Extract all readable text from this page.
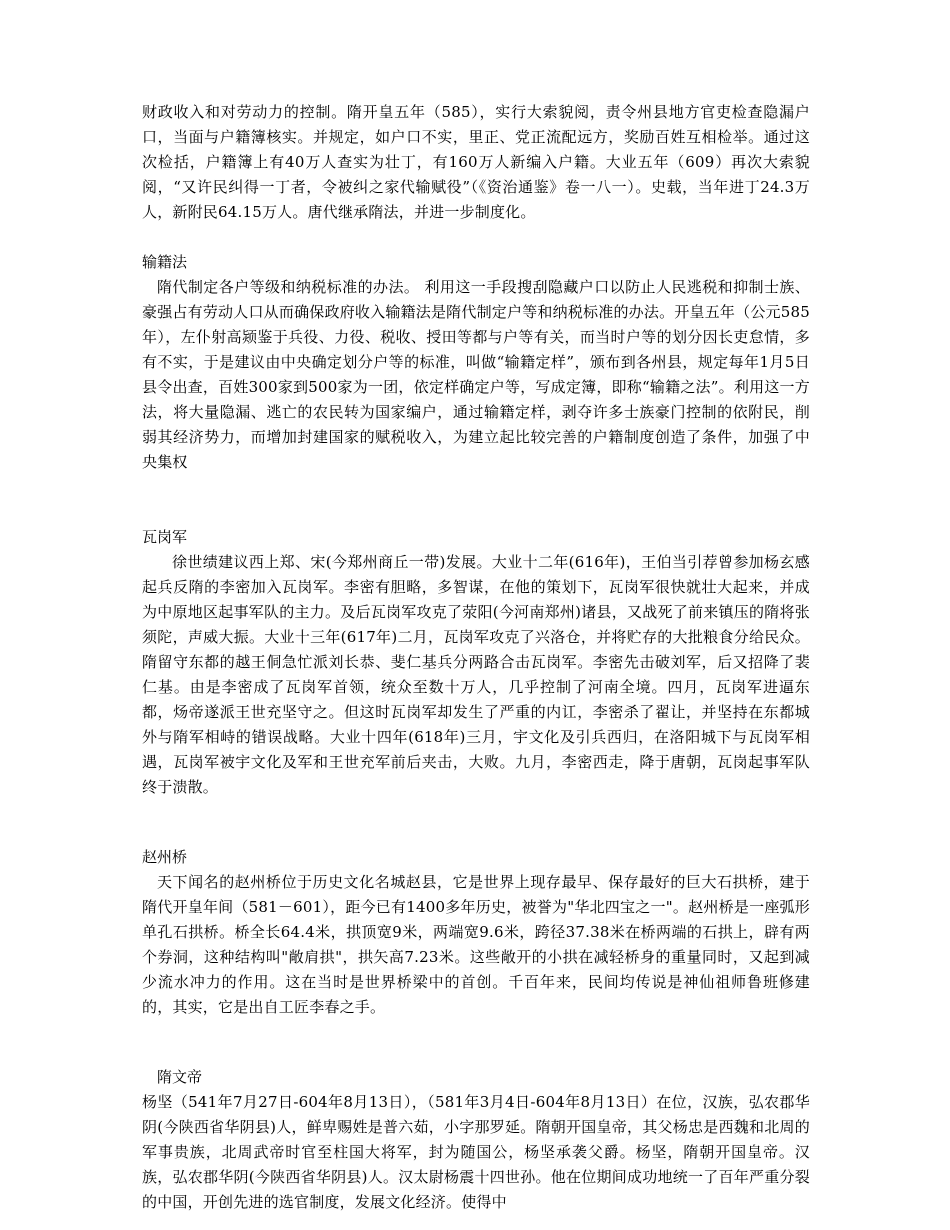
财政收入和对劳动力的控制。隋开皇五年（585），实行大索貌阅，责令州县地方官吏检查隐漏户口，当面与户籍簿核实。并规定，如户口不实，里正、党正流配远方，奖励百姓互相检举。通过这次检括，户籍簿上有40万人查实为壮丁，有160万人新编入户籍。大业五年（609）再次大索貌阅，“又许民纠得一丁者，令被纠之家代输赋役”（《资治通鉴》卷一八一）。史载，当年进丁24.3万人，新附民64.15万人。唐代继承隋法，并进一步制度化。

输籍法

隋代制定各户等级和纳税标准的办法。 利用这一手段搜刮隐藏户口以防止人民逃税和抑制士族、豪强占有劳动人口从而确保政府收入输籍法是隋代制定户等和纳税标准的办法。开皇五年（公元585年），左仆射高颎鉴于兵役、力役、税收、授田等都与户等有关，而当时户等的划分因长吏怠情，多有不实，于是建议由中央确定划分户等的标准，叫做“输籍定样”，颁布到各州县，规定每年1月5日县令出查，百姓300家到500家为一团，依定样确定户等，写成定簿，即称“输籍之法”。利用这一方法，将大量隐漏、逃亡的农民转为国家编户，通过输籍定样，剥夺许多士族豪门控制的依附民，削弱其经济势力，而增加封建国家的赋税收入，为建立起比较完善的户籍制度创造了条件，加强了中央集权

瓦岗军

徐世绩建议西上郑、宋(今郑州商丘一带)发展。大业十二年(616年)，王伯当引荐曾参加杨玄感起兵反隋的李密加入瓦岗军。李密有胆略，多智谋，在他的策划下，瓦岗军很快就壮大起来，并成为中原地区起事军队的主力。及后瓦岗军攻克了荥阳(今河南郑州)诸县，又战死了前来镇压的隋将张须陀，声威大振。大业十三年(617年)二月，瓦岗军攻克了兴洛仓，并将贮存的大批粮食分给民众。隋留守东都的越王侗急忙派刘长恭、斐仁基兵分两路合击瓦岗军。李密先击破刘军，后又招降了裴仁基。由是李密成了瓦岗军首领，统众至数十万人，几乎控制了河南全境。四月，瓦岗军进逼东都，炀帝遂派王世充坚守之。但这时瓦岗军却发生了严重的内讧，李密杀了翟让，并坚持在东都城外与隋军相峙的错误战略。大业十四年(618年)三月，宇文化及引兵西归，在洛阳城下与瓦岗军相遇，瓦岗军被宇文化及军和王世充军前后夹击，大败。九月，李密西走，降于唐朝，瓦岗起事军队终于溃散。

赵州桥

天下闻名的赵州桥位于历史文化名城赵县，它是世界上现存最早、保存最好的巨大石拱桥，建于隋代开皇年间（581－601），距今已有1400多年历史，被誉为"华北四宝之一"。赵州桥是一座弧形单孔石拱桥。桥全长64.4米，拱顶宽9米，两端宽9.6米，跨径37.38米在桥两端的石拱上，辟有两个券洞，这种结构叫"敞肩拱"，拱矢高7.23米。这些敞开的小拱在减轻桥身的重量同时，又起到减少流水冲力的作用。这在当时是世界桥梁中的首创。千百年来，民间均传说是神仙祖师鲁班修建的，其实，它是出自工匠李春之手。

隋文帝

杨坚（541年7月27日-604年8月13日），（581年3月4日-604年8月13日）在位，汉族，弘农郡华阴(今陕西省华阴县)人，鲜卑赐姓是普六茹，小字那罗延。隋朝开国皇帝，其父杨忠是西魏和北周的军事贵族，北周武帝时官至柱国大将军，封为随国公，杨坚承袭父爵。杨坚，隋朝开国皇帝。汉族，弘农郡华阴(今陕西省华阴县)人。汉太尉杨震十四世孙。他在位期间成功地统一了百年严重分裂的中国，开创先进的选官制度，发展文化经济。使得中
